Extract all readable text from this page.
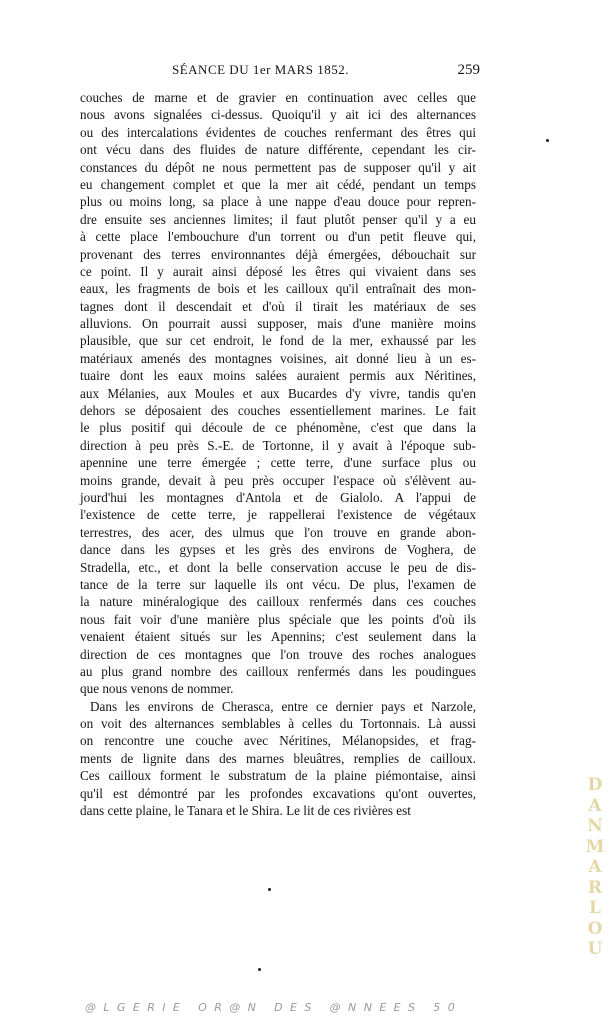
SÉANCE DU 1er MARS 1852.	259
couches de marne et de gravier en continuation avec celles que
nous avons signalées ci-dessus. Quoiqu'il y ait ici des alternances
ou des intercalations évidentes de couches renfermant des êtres qui
ont vécu dans des fluides de nature différente, cependant les cir-
constances du dépôt ne nous permettent pas de supposer qu'il y ait
eu changement complet et que la mer ait cédé, pendant un temps
plus ou moins long, sa place à une nappe d'eau douce pour repren-
dre ensuite ses anciennes limites; il faut plutôt penser qu'il y a eu
à cette place l'embouchure d'un torrent ou d'un petit fleuve qui,
provenant des terres environnantes déjà émergées, débouchait sur
ce point. Il y aurait ainsi déposé les êtres qui vivaient dans ses
eaux, les fragments de bois et les cailloux qu'il entraînait des mon-
tagnes dont il descendait et d'où il tirait les matériaux de ses
alluvions. On pourrait aussi supposer, mais d'une manière moins
plausible, que sur cet endroit, le fond de la mer, exhaussé par les
matériaux amenés des montagnes voisines, ait donné lieu à un es-
tuaire dont les eaux moins salées auraient permis aux Néritines,
aux Mélanies, aux Moules et aux Bucardes d'y vivre, tandis qu'en
dehors se déposaient des couches essentiellement marines. Le fait
le plus positif qui découle de ce phénomène, c'est que dans la
direction à peu près S.-E. de Tortonne, il y avait à l'époque sub-
apennine une terre émergée ; cette terre, d'une surface plus ou
moins grande, devait à peu près occuper l'espace où s'élèvent au-
jourd'hui les montagnes d'Antola et de Gialolo. A l'appui de
l'existence de cette terre, je rappellerai l'existence de végétaux
terrestres, des acer, des ulmus que l'on trouve en grande abon-
dance dans les gypses et les grès des environs de Voghera, de
Stradella, etc., et dont la belle conservation accuse le peu de dis-
tance de la terre sur laquelle ils ont vécu. De plus, l'examen de
la nature minéralogique des cailloux renfermés dans ces couches
nous fait voir d'une manière plus spéciale que les points d'où ils
venaient étaient situés sur les Apennins; c'est seulement dans la
direction de ces montagnes que l'on trouve des roches analogues
au plus grand nombre des cailloux renfermés dans les poudingues
que nous venons de nommer.
Dans les environs de Cherasca, entre ce dernier pays et Narzole,
on voit des alternances semblables à celles du Tortonnais. Là aussi
on rencontre une couche avec Néritines, Mélanopsides, et frag-
ments de lignite dans des marnes bleuâtres, remplies de cailloux.
Ces cailloux forment le substratum de la plaine piémontaise, ainsi
qu'il est démontré par les profondes excavations qu'ont ouvertes,
dans cette plaine, le Tanara et le Shira. Le lit de ces rivières est
D
A
N
M
A
R
L
O
U
@LGERIE OR@N DES @NNEES 50
